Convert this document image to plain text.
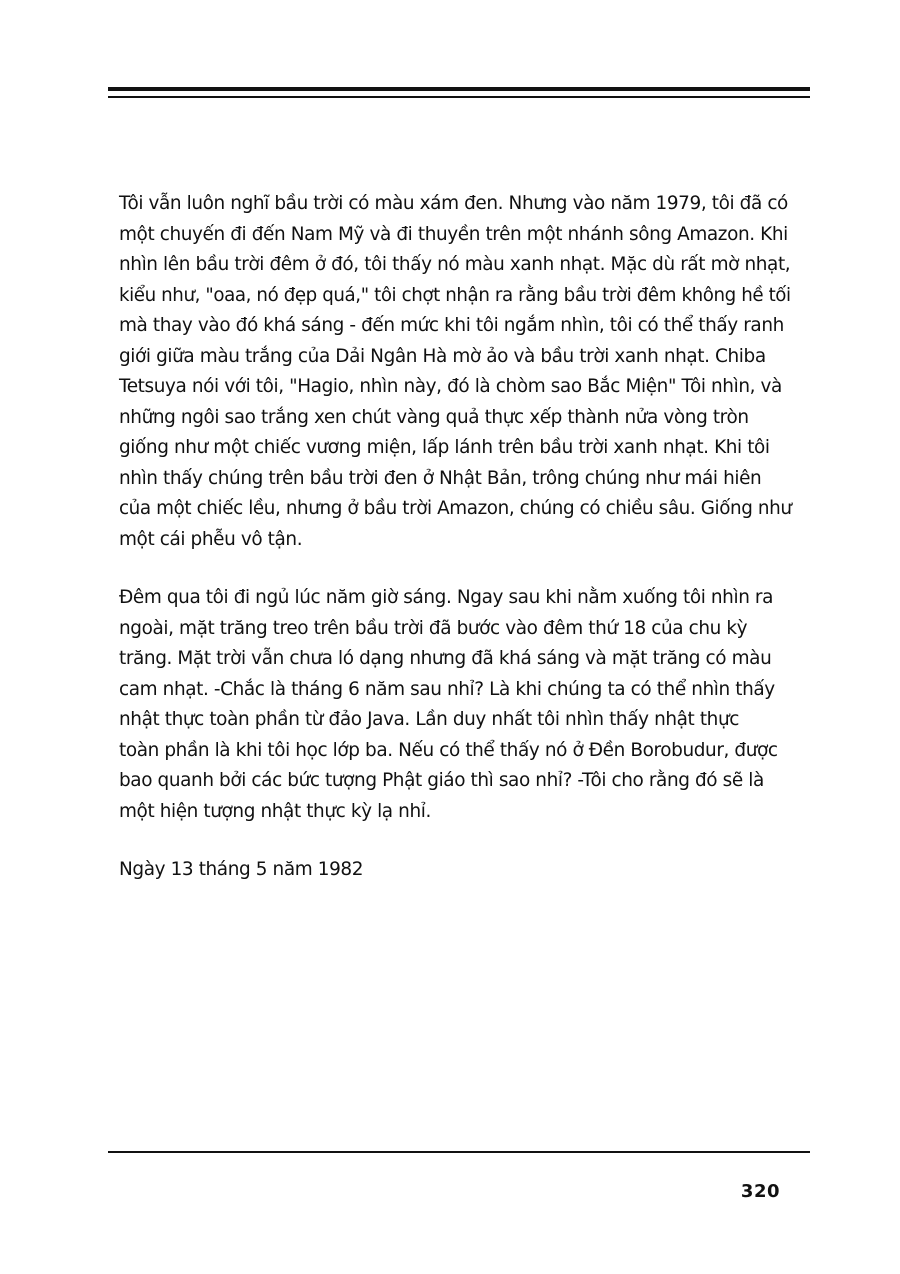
Tôi vẫn luôn nghĩ bầu trời có màu xám đen. Nhưng vào năm 1979, tôi đã có
một chuyến đi đến Nam Mỹ và đi thuyền trên một nhánh sông Amazon. Khi
nhìn lên bầu trời đêm ở đó, tôi thấy nó màu xanh nhạt. Mặc dù rất mờ nhạt,
kiểu như, "oaa, nó đẹp quá," tôi chợt nhận ra rằng bầu trời đêm không hề tối
mà thay vào đó khá sáng - đến mức khi tôi ngắm nhìn, tôi có thể thấy ranh
giới giữa màu trắng của Dải Ngân Hà mờ ảo và bầu trời xanh nhạt. Chiba
Tetsuya nói với tôi, "Hagio, nhìn này, đó là chòm sao Bắc Miện" Tôi nhìn, và
những ngôi sao trắng xen chút vàng quả thực xếp thành nửa vòng tròn
giống như một chiếc vương miện, lấp lánh trên bầu trời xanh nhạt. Khi tôi
nhìn thấy chúng trên bầu trời đen ở Nhật Bản, trông chúng như mái hiên
của một chiếc lều, nhưng ở bầu trời Amazon, chúng có chiều sâu. Giống như
một cái phễu vô tận.
Đêm qua tôi đi ngủ lúc năm giờ sáng. Ngay sau khi nằm xuống tôi nhìn ra
ngoài, mặt trăng treo trên bầu trời đã bước vào đêm thứ 18 của chu kỳ
trăng. Mặt trời vẫn chưa ló dạng nhưng đã khá sáng và mặt trăng có màu
cam nhạt. -Chắc là tháng 6 năm sau nhỉ? Là khi chúng ta có thể nhìn thấy
nhật thực toàn phần từ đảo Java. Lần duy nhất tôi nhìn thấy nhật thực
toàn phần là khi tôi học lớp ba. Nếu có thể thấy nó ở Đền Borobudur, được
bao quanh bởi các bức tượng Phật giáo thì sao nhỉ? -Tôi cho rằng đó sẽ là
một hiện tượng nhật thực kỳ lạ nhỉ.
Ngày 13 tháng 5 năm 1982
320
